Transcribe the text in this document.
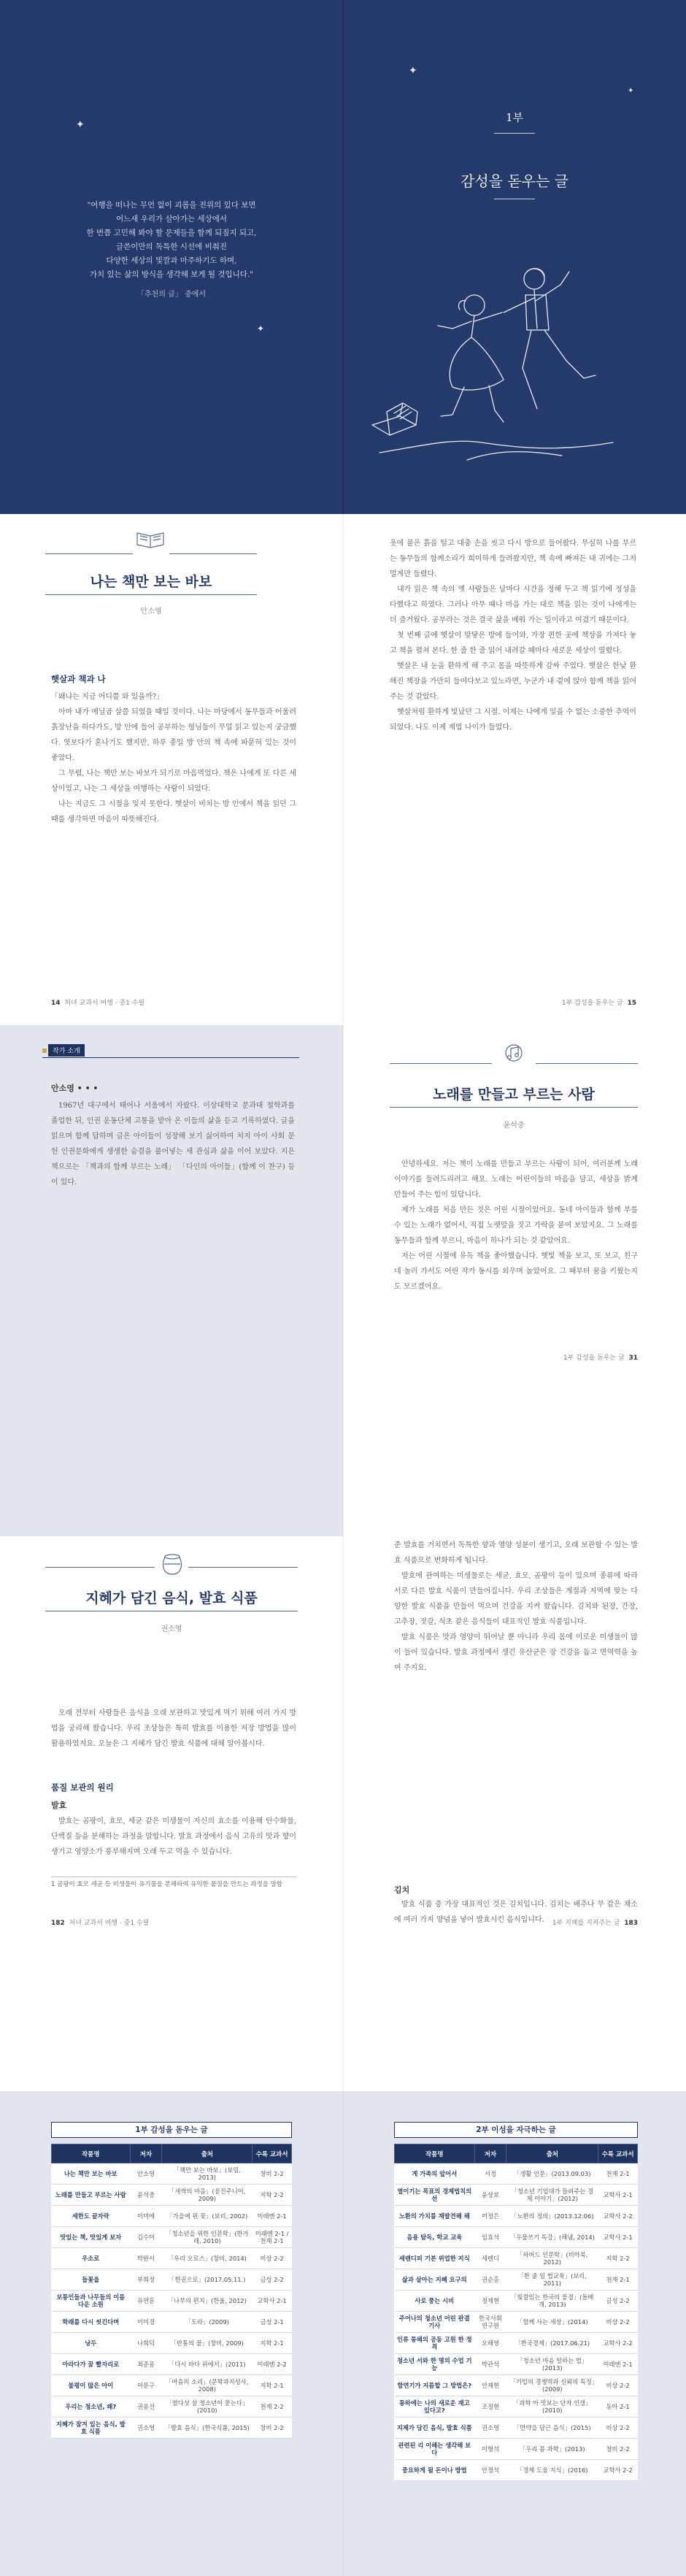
✦
✦
✦
✦
"여행을 떠나는 무언 없이 괴롭을 전위의 있다 보면
어느새 우리가 살아가는 세상에서
한 번쯤 고민해 봐야 할 문제들을 함께 되짚지 되고,
글쓴이만의 독특한 시선에 비춰진
다양한 세상의 빛깔과 마주하기도 하며,
가치 있는 삶의 방식을 생각해 보게 될 것입니다."
「추천의 글」 중에서
1부
감성을 돋우는 글
나는 책만 보는 바보
안소영
햇살과 책과 나

「왜냐는 지금 어디쯤 와 있을까?」

아마 내가 예닐곱 살쯤 되었을 때일 것이다. 나는 마당에서 동무들과 어울려 흙장난을 하다가도, 방 안에 들어 공부하는 형님들이 무얼 읽고 있는지 궁금했다. 엿보다가 혼나기도 했지만, 하루 종일 방 안의 책 속에 파묻혀 있는 것이 좋았다.

그 무렵, 나는 책만 보는 바보가 되기로 마음먹었다. 책은 나에게 또 다른 세상이었고, 나는 그 세상을 여행하는 사람이 되었다.

나는 지금도 그 시절을 잊지 못한다. 햇살이 비치는 방 안에서 책을 읽던 그때를 생각하면 마음이 따뜻해진다.

14 처녀 교과서 여행 · 중1 수필

옷에 붙은 흙을 털고 대충 손을 씻고 다시 방으로 들어왔다. 무심히 나를 부르는 동무들의 함께소리가 희미하게 들려왔지만, 책 속에 빠져든 내 귀에는 그저 멀게만 들렸다.

내가 읽은 책 속의 옛 사람들은 날마다 시간을 정해 두고 책 읽기에 정성을 다했다고 하였다. 그러나 아무 때나 마음 가는 대로 책을 읽는 것이 나에게는 더 즐거웠다. 공부라는 것은 결국 삶을 배워 가는 일이라고 여겼기 때문이다.

첫 번째 글에 햇살이 맞닿은 방에 들어와, 가장 편한 곳에 책상을 가져다 놓고 책을 펼쳐 본다. 한 줄 한 줄 읽어 내려갈 때마다 새로운 세상이 열렸다.

햇살은 내 눈을 환하게 해 주고 몸을 따뜻하게 감싸 주었다. 햇살은 한낮 환해진 책장을 가만히 들여다보고 있노라면, 누군가 내 곁에 앉아 함께 책을 읽어 주는 것 같았다.

햇살처럼 환하게 빛났던 그 시절. 이제는 나에게 잊을 수 없는 소중한 추억이 되었다. 나도 이제 제법 나이가 들었다.

1부 감성을 돋우는 글 15
작가 소개
안소영 • • •

1967년 대구에서 태어나 서울에서 자랐다. 이상대학교 문과대 철학과를 졸업한 뒤, 인권 운동단체 고통을 받아 온 이들의 삶을 듣고 기록하였다. 글을 읽으며 함께 답하며 글은 아이들이 성장해 보기 싫어하여 처지 아이 사회 문헌 인권문화에게 생생한 숨결을 불어넣는 새 관심과 삶을 이어 보았다. 지은 책으로는 「책과의 함께 부르는 노래」 「다인의 아이들」(함께 이 찬구) 등이 있다.

노래를 만들고 부르는 사람
윤석중

안녕하세요. 저는 책이 노래를 만들고 부르는 사람이 되어, 여러분께 노래 이야기를 들려드리려고 해요. 노래는 어린이들의 마음을 담고, 세상을 밝게 만들어 주는 힘이 있답니다.

제가 노래를 처음 만든 것은 어린 시절이었어요. 동네 아이들과 함께 부를 수 있는 노래가 없어서, 직접 노랫말을 짓고 가락을 붙여 보았지요. 그 노래를 동무들과 함께 부르니, 마음이 하나가 되는 것 같았어요.

저는 어린 시절에 유독 책을 좋아했습니다. 햇빛 책을 보고, 또 보고, 친구네 놀러 가서도 어린 작가 동시를 외우며 놀았어요. 그 때부터 꿈을 키웠는지도 모르겠어요.

1부 감성을 돋우는 글 31
지혜가 담긴 음식, 발효 식품
권소영

오래 전부터 사람들은 음식을 오래 보관하고 맛있게 먹기 위해 여러 가지 방법을 궁리해 왔습니다. 우리 조상들은 특히 발효를 이용한 저장 방법을 많이 활용하였지요. 오늘은 그 지혜가 담긴 발효 식품에 대해 알아봅시다.

품질 보관의 원리
발효

발효는 곰팡이, 효모, 세균 같은 미생물이 자신의 효소를 이용해 탄수화물, 단백질 등을 분해하는 과정을 말합니다. 발효 과정에서 음식 고유의 맛과 향이 생기고 영양소가 풍부해지며 오래 두고 먹을 수 있습니다.

1 곰팡이 효모 세균 등 미생물이 유기물을 분해하여 유익한 물질을 만드는 과정을 말함
182 처녀 교과서 여행 · 중1 수필

준 발효를 거치면서 독특한 향과 영양 성분이 생기고, 오래 보관할 수 있는 발효 식품으로 변화하게 됩니다.

발효에 관여하는 미생물로는 세균, 효모, 곰팡이 등이 있으며 종류에 따라 서로 다른 발효 식품이 만들어집니다. 우리 조상들은 계절과 지역에 맞는 다양한 발효 식품을 만들어 먹으며 건강을 지켜 왔습니다. 김치와 된장, 간장, 고추장, 젓갈, 식초 같은 음식들이 대표적인 발효 식품입니다.

발효 식품은 맛과 영양이 뛰어날 뿐 아니라 우리 몸에 이로운 미생물이 많이 들어 있습니다. 발효 과정에서 생긴 유산균은 장 건강을 돕고 면역력을 높여 주지요.

김치

발효 식품 중 가장 대표적인 것은 김치입니다. 김치는 배추나 무 같은 채소에 여러 가지 양념을 넣어 발효시킨 음식입니다.	1부 지혜를 지켜주는 글 183
1부 감성을 돋우는 글
작품명	저자	출처	수록 교과서
나는 책만 보는 바보	안소영	「책만 보는 바보」(보림, 2013)	창비 2-2
노래를 만들고 부르는 사람	윤석중	「새싹의 마음」(웅진주니어, 2009)	지학 2-2
세한도 끝자락	이미애	「가을에 핀 꽃」(보리, 2002)	미래엔 2-1
맛있는 책, 맛있게 보자	김수미	「청소년을 위한 인문학」(한겨레, 2010)	미래엔 2-1 / 천재 2-1
우소로	박완서	「우리 오로스」(창비, 2014)	비상 2-2
들꽃을	부희정	「한권으로」(2017.05.11.)	금성 2-2
보통인들과 나무들의 이름다운 소원	유연훈	「나무의 편지」(한울, 2012)	교학사 2-1
학래를 다시 씻긴다며	이미경	「도라」(2009)	금성 2-1
낭두	나희덕	「반통의 물」(창비, 2009)	지학 2-1
아라다가 꿈 빨자리로	최준용	「다시 바다 위에서」(2011)	미래엔 2-2
불평이 많은 아이	이문구	「마음의 소리」(문학과지성사, 2008)	지학 2-1
우리는 청소년, 왜?	권용선	「열다섯 살 청소년이 묻는다」(2010)	천재 2-2
지혜가 잠겨 있는 음식, 발효 식품	권소영	「발효 음식」(한국식품, 2015)	창비 2-2
2부 이성을 자극하는 글
작품명	저자	출처	수록 교과서
게 가족의 앞어서	서정	「생활 인문」(2013.09.03)	천재 2-1
열이기는 목표의 경제법칙의 선	윤상보	「청소년 기업대가 들려주는 경제 이야기」(2012)	교학사 2-1
노환의 가치를 재발견해 해	이정은	「노환의 정의」(2013.12.06)	교학사 2-2
음용 탐독, 학교 교육	임효석	「우물쓰기 특강」(해냄, 2014)	교학사 2-1
세렌디피 기본 위업한 지식	세렌디	「하버드 인문학」(비아북, 2012)	지학 2-2
삶과 살아는 지혜 요구의	권순홍	「한 줄 일 법교육」(보리, 2011)	천재 2-1
사로 풍는 시비	정재현	「빛깔있는 한국의 풍경」(돌베개, 2013)	금성 2-2
주어나의 청소년 어린 판결 기사	한국사회 연구원	「함께 사는 세상」(2014)	비상 2-2
인류 통해의 공동 고원 한 정격	오해영	「한국경제」(2017.06.21)	교학사 2-2
청소년 서와 한 명의 수업 기능	박관석	「청소년 마음 일하는 법」(2013)	미래엔 2-1
함연기가 지름할 그 방법은?	안재현	「기업의 경쟁력과 신뢰의 특징」(2009)	비상 2-2
통하에는 나의 새로운 재고 있다고?	조정현	「과학 아 맛보는 단자 인생」(2010)	동아 2-1
지제가 담긴 음식, 발효 식품	권소영	「만약을 담근 음식」(2015)	비상 2-2
관련된 리 이해는 생각해 보다	이형석	「우리 몸 과학」(2013)	창비 2-2
중요하게 될 돈이나 방법	안정석	「경제 도움 지식」(2016)	교학사 2-2
